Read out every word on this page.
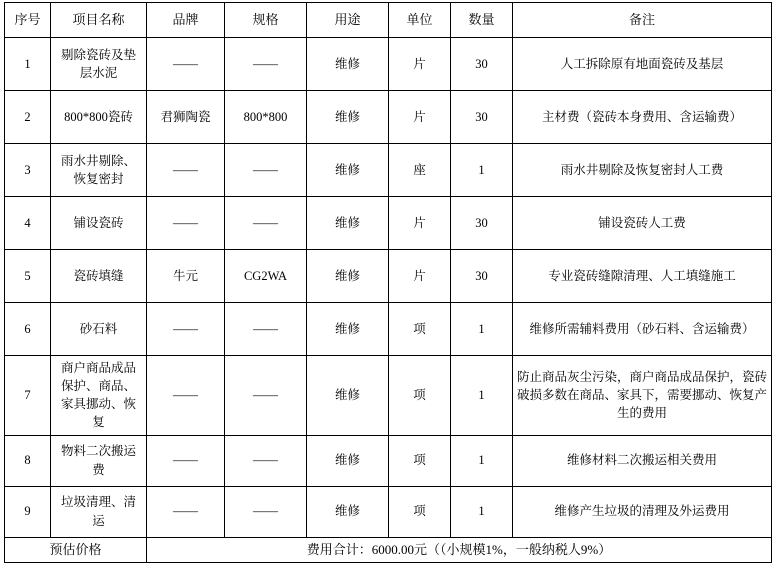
序号	项目名称	品牌	规格	用途	单位	数量	备注
1	剔除瓷砖及垫层水泥	——	——	维修	片	30	人工拆除原有地面瓷砖及基层
2	800*800瓷砖	君狮陶瓷	800*800	维修	片	30	主材费（瓷砖本身费用、含运输费）
3	雨水井剔除、恢复密封	——	——	维修	座	1	雨水井剔除及恢复密封人工费
4	铺设瓷砖	——	——	维修	片	30	铺设瓷砖人工费
5	瓷砖填缝	牛元	CG2WA	维修	片	30	专业瓷砖缝隙清理、人工填缝施工
6	砂石料	——	——	维修	项	1	维修所需辅料费用（砂石料、含运输费）
7	商户商品成品保护、商品、家具挪动、恢复	——	——	维修	项	1	防止商品灰尘污染，商户商品成品保护，瓷砖破损多数在商品、家具下，需要挪动、恢复产生的费用
8	物料二次搬运费	——	——	维修	项	1	维修材料二次搬运相关费用
9	垃圾清理、清运	——	——	维修	项	1	维修产生垃圾的清理及外运费用
预估价格		费用合计：6000.00元（（小规模1%，一般纳税人9%）					
